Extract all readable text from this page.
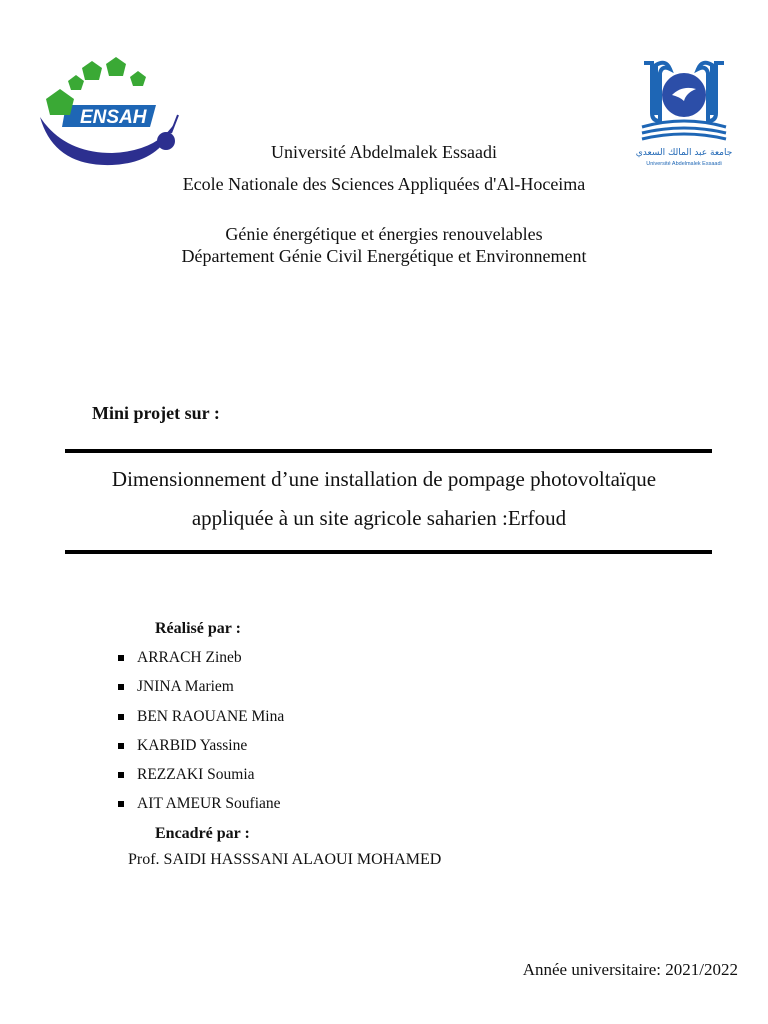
ENSAH
جامعة عبد المالك السعدي
Université Abdelmalek Essaadi
Université Abdelmalek Essaadi
Ecole Nationale des Sciences Appliquées d'Al-Hoceima
Génie énergétique et énergies renouvelables
Département Génie Civil Energétique et Environnement
Mini projet sur :
Dimensionnement d’une installation de pompage photovoltaïque
appliquée à un site agricole saharien :Erfoud
Réalisé par :
ARRACH Zineb
JNINA Mariem
BEN RAOUANE Mina
KARBID Yassine
REZZAKI Soumia
AIT AMEUR Soufiane
Encadré par :
Prof. SAIDI HASSSANI ALAOUI MOHAMED
Année universitaire: 2021/2022
